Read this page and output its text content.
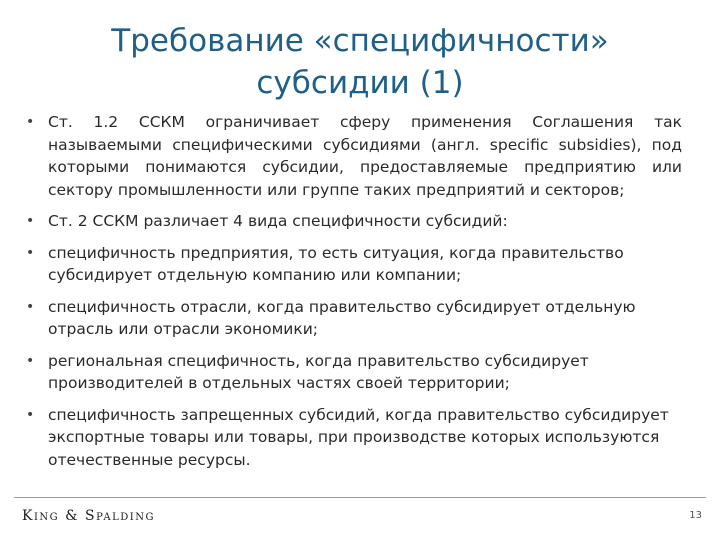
Требование «специфичности»
субсидии (1)
• Ст. 1.2 ССКМ ограничивает сферу применения Соглашения так называемыми специфическими субсидиями (англ. specific subsidies), под которыми понимаются субсидии, предоставляемые предприятию или сектору промышленности или группе таких предприятий и секторов;
• Ст. 2 ССКМ различает 4 вида специфичности субсидий:
• специфичность предприятия, то есть ситуация, когда правительство субсидирует отдельную компанию или компании;
• специфичность отрасли, когда правительство субсидирует отдельную отрасль или отрасли экономики;
• региональная специфичность, когда правительство субсидирует производителей в отдельных частях своей территории;
• специфичность запрещенных субсидий, когда правительство субсидирует экспортные товары или товары, при производстве которых используются отечественные ресурсы.
King & Spalding	13
